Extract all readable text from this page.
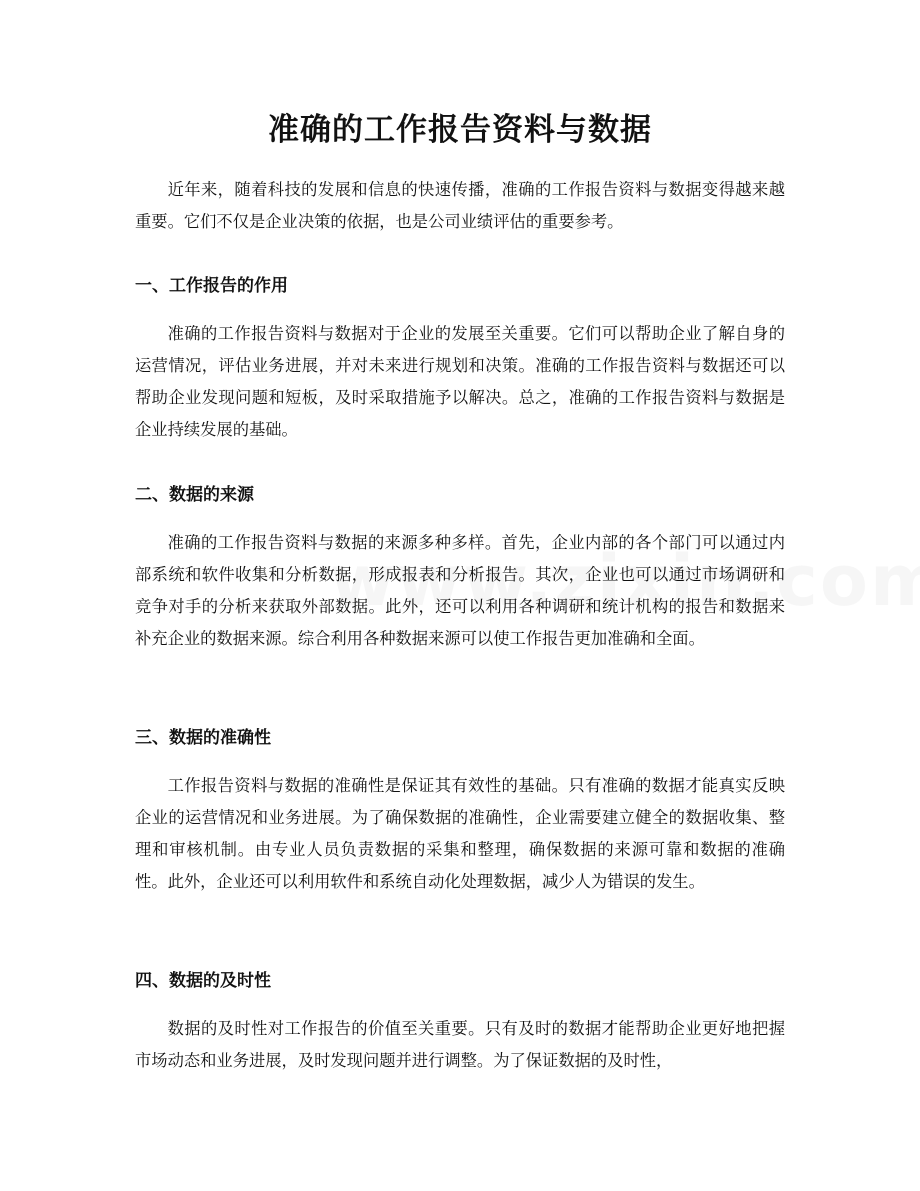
准确的工作报告资料与数据

近年来，随着科技的发展和信息的快速传播，准确的工作报告资料与数据变得越来越重要。它们不仅是企业决策的依据，也是公司业绩评估的重要参考。

一、工作报告的作用

准确的工作报告资料与数据对于企业的发展至关重要。它们可以帮助企业了解自身的运营情况，评估业务进展，并对未来进行规划和决策。准确的工作报告资料与数据还可以帮助企业发现问题和短板，及时采取措施予以解决。总之，准确的工作报告资料与数据是企业持续发展的基础。

二、数据的来源

准确的工作报告资料与数据的来源多种多样。首先，企业内部的各个部门可以通过内部系统和软件收集和分析数据，形成报表和分析报告。其次，企业也可以通过市场调研和竞争对手的分析来获取外部数据。此外，还可以利用各种调研和统计机构的报告和数据来补充企业的数据来源。综合利用各种数据来源可以使工作报告更加准确和全面。

三、数据的准确性

工作报告资料与数据的准确性是保证其有效性的基础。只有准确的数据才能真实反映企业的运营情况和业务进展。为了确保数据的准确性，企业需要建立健全的数据收集、整理和审核机制。由专业人员负责数据的采集和整理，确保数据的来源可靠和数据的准确性。此外，企业还可以利用软件和系统自动化处理数据，减少人为错误的发生。

四、数据的及时性

数据的及时性对工作报告的价值至关重要。只有及时的数据才能帮助企业更好地把握市场动态和业务进展，及时发现问题并进行调整。为了保证数据的及时性，
